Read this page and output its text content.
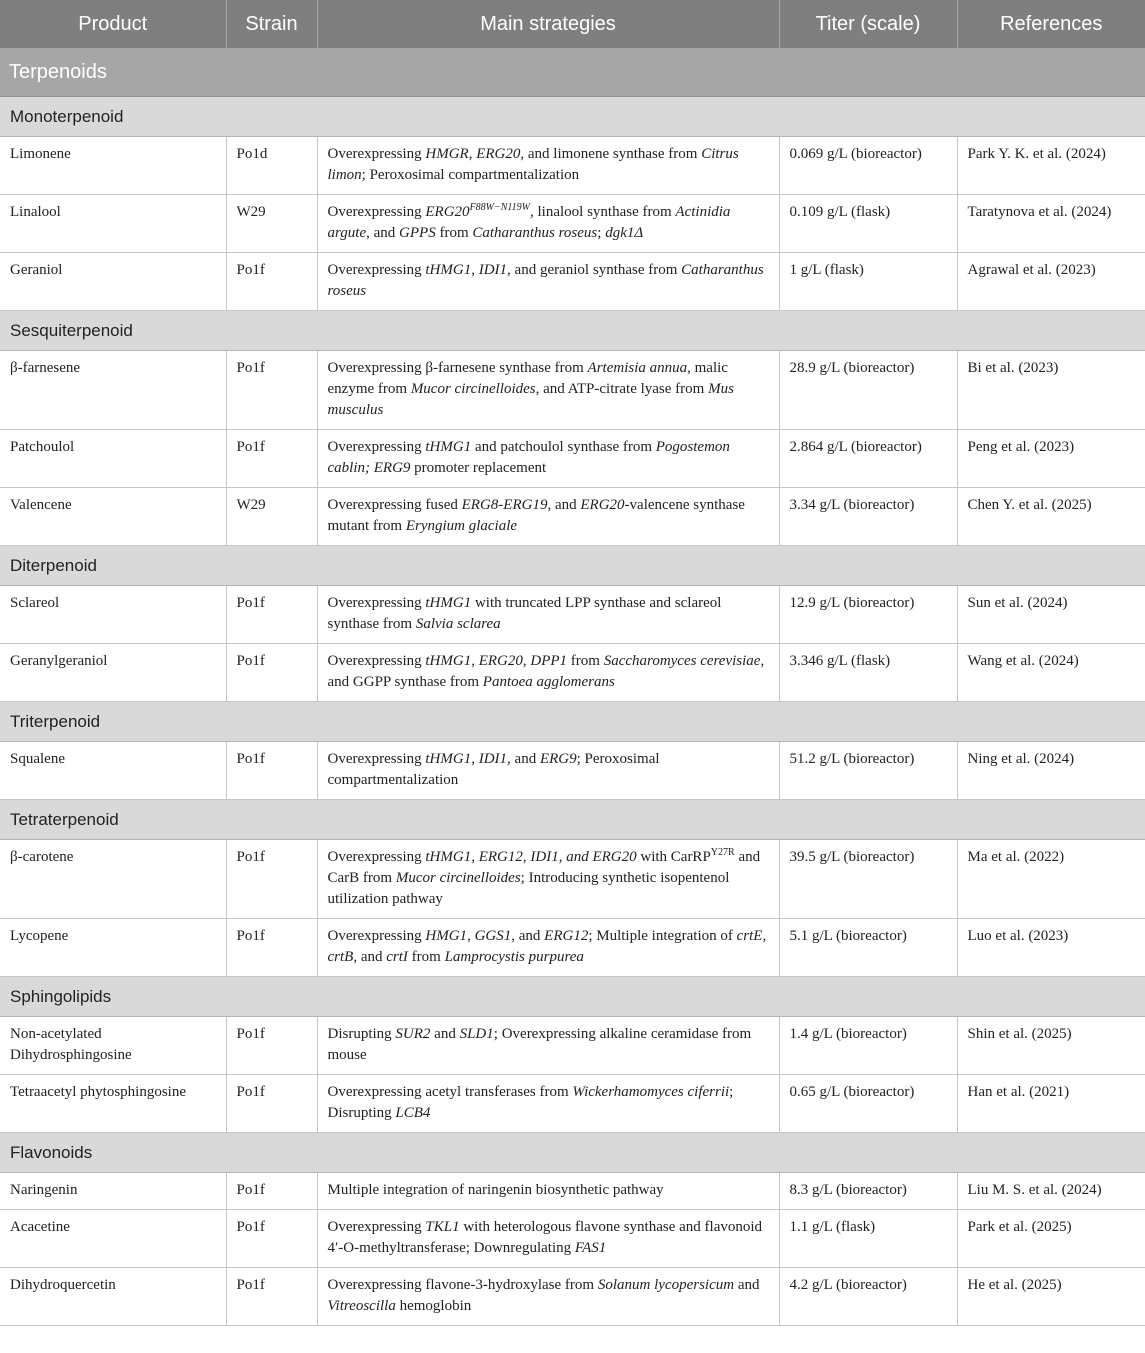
Product	Strain	Main strategies	Titer (scale)	References
Terpenoids				
Monoterpenoid				
Limonene	Po1d	Overexpressing HMGR, ERG20, and limonene synthase from Citrus limon; Peroxosimal compartmentalization	0.069 g/L (bioreactor)	Park Y. K. et al. (2024)
Linalool	W29	Overexpressing $ERG20^{F88W-N119W}$, linalool synthase from Actinidia argute, and GPPS from Catharanthus roseus; dgk1Δ	0.109 g/L (flask)	Taratynova et al. (2024)
Geraniol	Po1f	Overexpressing tHMG1, IDI1, and geraniol synthase from Catharanthus roseus	1 g/L (flask)	Agrawal et al. (2023)
Sesquiterpenoid				
β-farnesene	Po1f	Overexpressing β-farnesene synthase from Artemisia annua, malic enzyme from Mucor circinelloides, and ATP-citrate lyase from Mus musculus	28.9 g/L (bioreactor)	Bi et al. (2023)
Patchoulol	Po1f	Overexpressing tHMG1 and patchoulol synthase from Pogostemon cablin; ERG9 promoter replacement	2.864 g/L (bioreactor)	Peng et al. (2023)
Valencene	W29	Overexpressing fused ERG8-ERG19, and ERG20-valencene synthase mutant from Eryngium glaciale	3.34 g/L (bioreactor)	Chen Y. et al. (2025)
Diterpenoid				
Sclareol	Po1f	Overexpressing tHMG1 with truncated LPP synthase and sclareol synthase from Salvia sclarea	12.9 g/L (bioreactor)	Sun et al. (2024)
Geranylgeraniol	Po1f	Overexpressing tHMG1, ERG20, DPP1 from Saccharomyces cerevisiae, and GGPP synthase from Pantoea agglomerans	3.346 g/L (flask)	Wang et al. (2024)
Triterpenoid				
Squalene	Po1f	Overexpressing tHMG1, IDI1, and ERG9; Peroxosimal compartmentalization	51.2 g/L (bioreactor)	Ning et al. (2024)
Tetraterpenoid				
β-carotene	Po1f	Overexpressing tHMG1, ERG12, IDI1, and ERG20 with CarRP$^{Y27R}$ and CarB from Mucor circinelloides; Introducing synthetic isopentenol utilization pathway	39.5 g/L (bioreactor)	Ma et al. (2022)
Lycopene	Po1f	Overexpressing HMG1, GGS1, and ERG12; Multiple integration of crtE, crtB, and crtI from Lamprocystis purpurea	5.1 g/L (bioreactor)	Luo et al. (2023)
Sphingolipids				
Non-acetylated Dihydrosphingosine	Po1f	Disrupting SUR2 and SLD1; Overexpressing alkaline ceramidase from mouse	1.4 g/L (bioreactor)	Shin et al. (2025)
Tetraacetyl phytosphingosine	Po1f	Overexpressing acetyl transferases from Wickerhamomyces ciferrii; Disrupting LCB4	0.65 g/L (bioreactor)	Han et al. (2021)
Flavonoids				
Naringenin	Po1f	Multiple integration of naringenin biosynthetic pathway	8.3 g/L (bioreactor)	Liu M. S. et al. (2024)
Acacetine	Po1f	Overexpressing TKL1 with heterologous flavone synthase and flavonoid 4′-O-methyltransferase; Downregulating FAS1	1.1 g/L (flask)	Park et al. (2025)
Dihydroquercetin	Po1f	Overexpressing flavone-3-hydroxylase from Solanum lycopersicum and Vitreoscilla hemoglobin	4.2 g/L (bioreactor)	He et al. (2025)
